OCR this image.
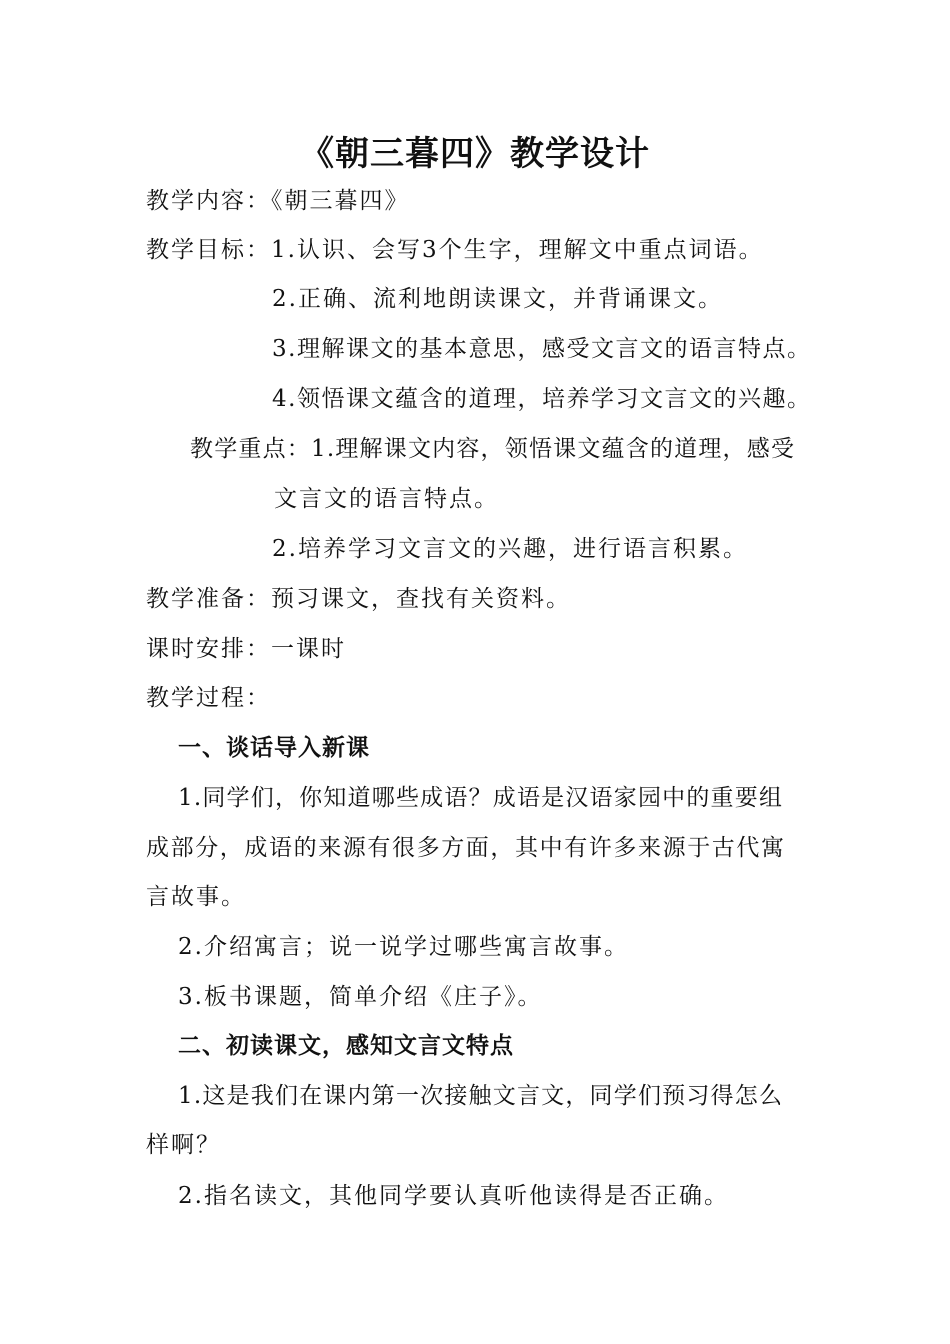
《朝三暮四》教学设计
教学内容：《朝三暮四》
教学目标：1.认识、会写3个生字，理解文中重点词语。
2.正确、流利地朗读课文，并背诵课文。
3.理解课文的基本意思，感受文言文的语言特点。
4.领悟课文蕴含的道理，培养学习文言文的兴趣。
教学重点：1.理解课文内容，领悟课文蕴含的道理，感受
文言文的语言特点。
2.培养学习文言文的兴趣，进行语言积累。
教学准备：预习课文，查找有关资料。
课时安排：一课时
教学过程：
一、谈话导入新课
1.同学们，你知道哪些成语？成语是汉语家园中的重要组
成部分，成语的来源有很多方面，其中有许多来源于古代寓
言故事。
2.介绍寓言；说一说学过哪些寓言故事。
3.板书课题，简单介绍《庄子》。
二、初读课文，感知文言文特点
1.这是我们在课内第一次接触文言文，同学们预习得怎么
样啊？
2.指名读文，其他同学要认真听他读得是否正确。
